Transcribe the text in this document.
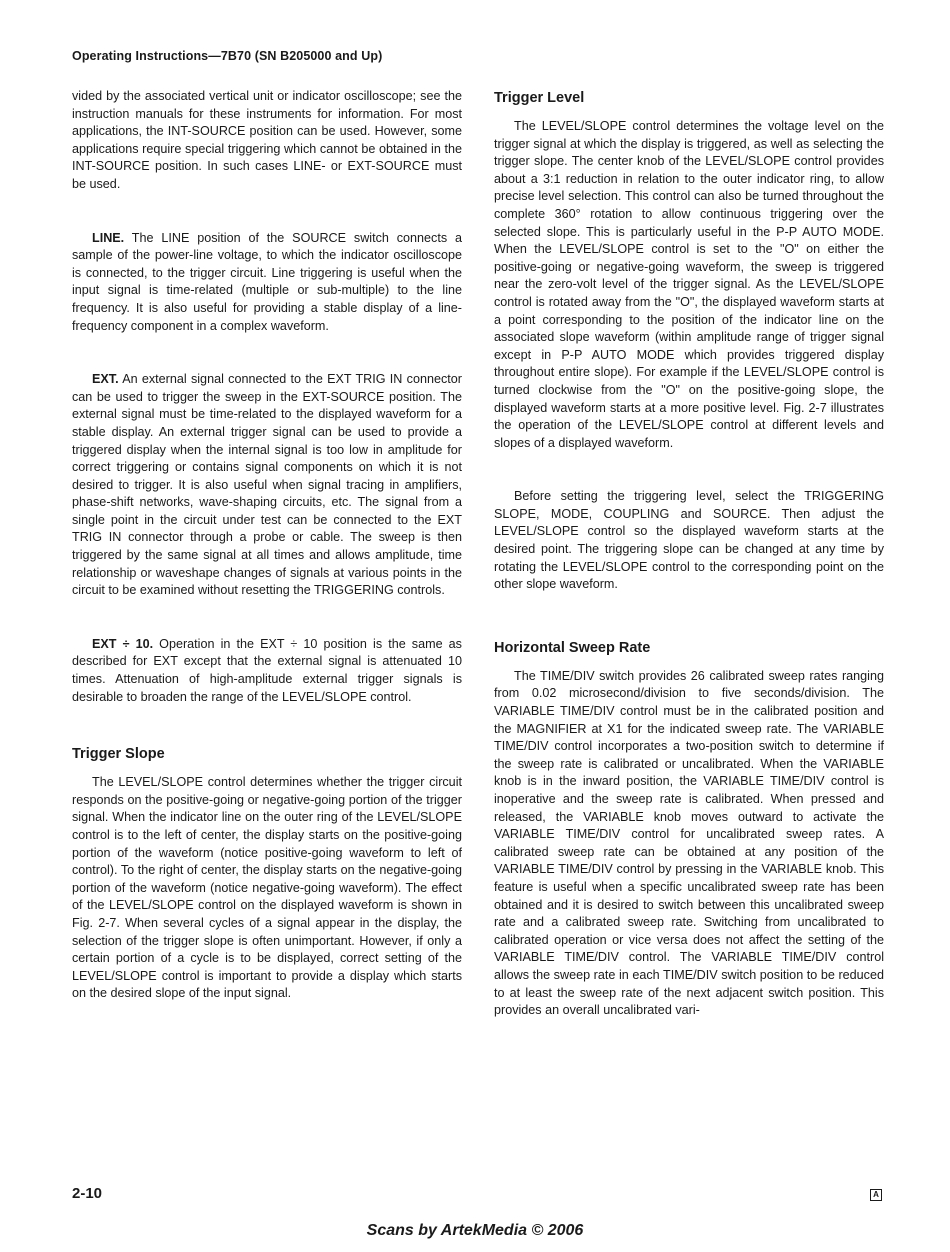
Operating Instructions—7B70 (SN B205000 and Up)

vided by the associated vertical unit or indicator oscilloscope; see the instruction manuals for these instruments for information. For most applications, the INT-SOURCE position can be used. However, some applications require special triggering which cannot be obtained in the INT-SOURCE position. In such cases LINE- or EXT-SOURCE must be used.

LINE. The LINE position of the SOURCE switch connects a sample of the power-line voltage, to which the indicator oscilloscope is connected, to the trigger circuit. Line triggering is useful when the input signal is time-related (multiple or sub-multiple) to the line frequency. It is also useful for providing a stable display of a line-frequency component in a complex waveform.

EXT. An external signal connected to the EXT TRIG IN connector can be used to trigger the sweep in the EXT-SOURCE position. The external signal must be time-related to the displayed waveform for a stable display. An external trigger signal can be used to provide a triggered display when the internal signal is too low in amplitude for correct triggering or contains signal components on which it is not desired to trigger. It is also useful when signal tracing in amplifiers, phase-shift networks, wave-shaping circuits, etc. The signal from a single point in the circuit under test can be connected to the EXT TRIG IN connector through a probe or cable. The sweep is then triggered by the same signal at all times and allows amplitude, time relationship or waveshape changes of signals at various points in the circuit to be examined without resetting the TRIGGERING controls.

EXT ÷ 10. Operation in the EXT ÷ 10 position is the same as described for EXT except that the external signal is attenuated 10 times. Attenuation of high-amplitude external trigger signals is desirable to broaden the range of the LEVEL/SLOPE control.

Trigger Slope

The LEVEL/SLOPE control determines whether the trigger circuit responds on the positive-going or negative-going portion of the trigger signal. When the indicator line on the outer ring of the LEVEL/SLOPE control is to the left of center, the display starts on the positive-going portion of the waveform (notice positive-going waveform to left of control). To the right of center, the display starts on the negative-going portion of the waveform (notice negative-going waveform). The effect of the LEVEL/SLOPE control on the displayed waveform is shown in Fig. 2-7. When several cycles of a signal appear in the display, the selection of the trigger slope is often unimportant. However, if only a certain portion of a cycle is to be displayed, correct setting of the LEVEL/SLOPE control is important to provide a display which starts on the desired slope of the input signal.

Trigger Level

The LEVEL/SLOPE control determines the voltage level on the trigger signal at which the display is triggered, as well as selecting the trigger slope. The center knob of the LEVEL/SLOPE control provides about a 3:1 reduction in relation to the outer indicator ring, to allow precise level selection. This control can also be turned throughout the complete 360° rotation to allow continuous triggering over the selected slope. This is particularly useful in the P-P AUTO MODE. When the LEVEL/SLOPE control is set to the "O" on either the positive-going or negative-going waveform, the sweep is triggered near the zero-volt level of the trigger signal. As the LEVEL/SLOPE control is rotated away from the "O", the displayed waveform starts at a point corresponding to the position of the indicator line on the associated slope waveform (within amplitude range of trigger signal except in P-P AUTO MODE which provides triggered display throughout entire slope). For example if the LEVEL/SLOPE control is turned clockwise from the "O" on the positive-going slope, the displayed waveform starts at a more positive level. Fig. 2-7 illustrates the operation of the LEVEL/SLOPE control at different levels and slopes of a displayed waveform.

Before setting the triggering level, select the TRIGGERING SLOPE, MODE, COUPLING and SOURCE. Then adjust the LEVEL/SLOPE control so the displayed waveform starts at the desired point. The triggering slope can be changed at any time by rotating the LEVEL/SLOPE control to the corresponding point on the other slope waveform.

Horizontal Sweep Rate

The TIME/DIV switch provides 26 calibrated sweep rates ranging from 0.02 microsecond/division to five seconds/division. The VARIABLE TIME/DIV control must be in the calibrated position and the MAGNIFIER at X1 for the indicated sweep rate. The VARIABLE TIME/DIV control incorporates a two-position switch to determine if the sweep rate is calibrated or uncalibrated. When the VARIABLE knob is in the inward position, the VARIABLE TIME/DIV control is inoperative and the sweep rate is calibrated. When pressed and released, the VARIABLE knob moves outward to activate the VARIABLE TIME/DIV control for uncalibrated sweep rates. A calibrated sweep rate can be obtained at any position of the VARIABLE TIME/DIV control by pressing in the VARIABLE knob. This feature is useful when a specific uncalibrated sweep rate has been obtained and it is desired to switch between this uncalibrated sweep rate and a calibrated sweep rate. Switching from uncalibrated to calibrated operation or vice versa does not affect the setting of the VARIABLE TIME/DIV control. The VARIABLE TIME/DIV control allows the sweep rate in each TIME/DIV switch position to be reduced to at least the sweep rate of the next adjacent switch position. This provides an overall uncalibrated vari-

2-10	A
Scans by ArtekMedia © 2006
